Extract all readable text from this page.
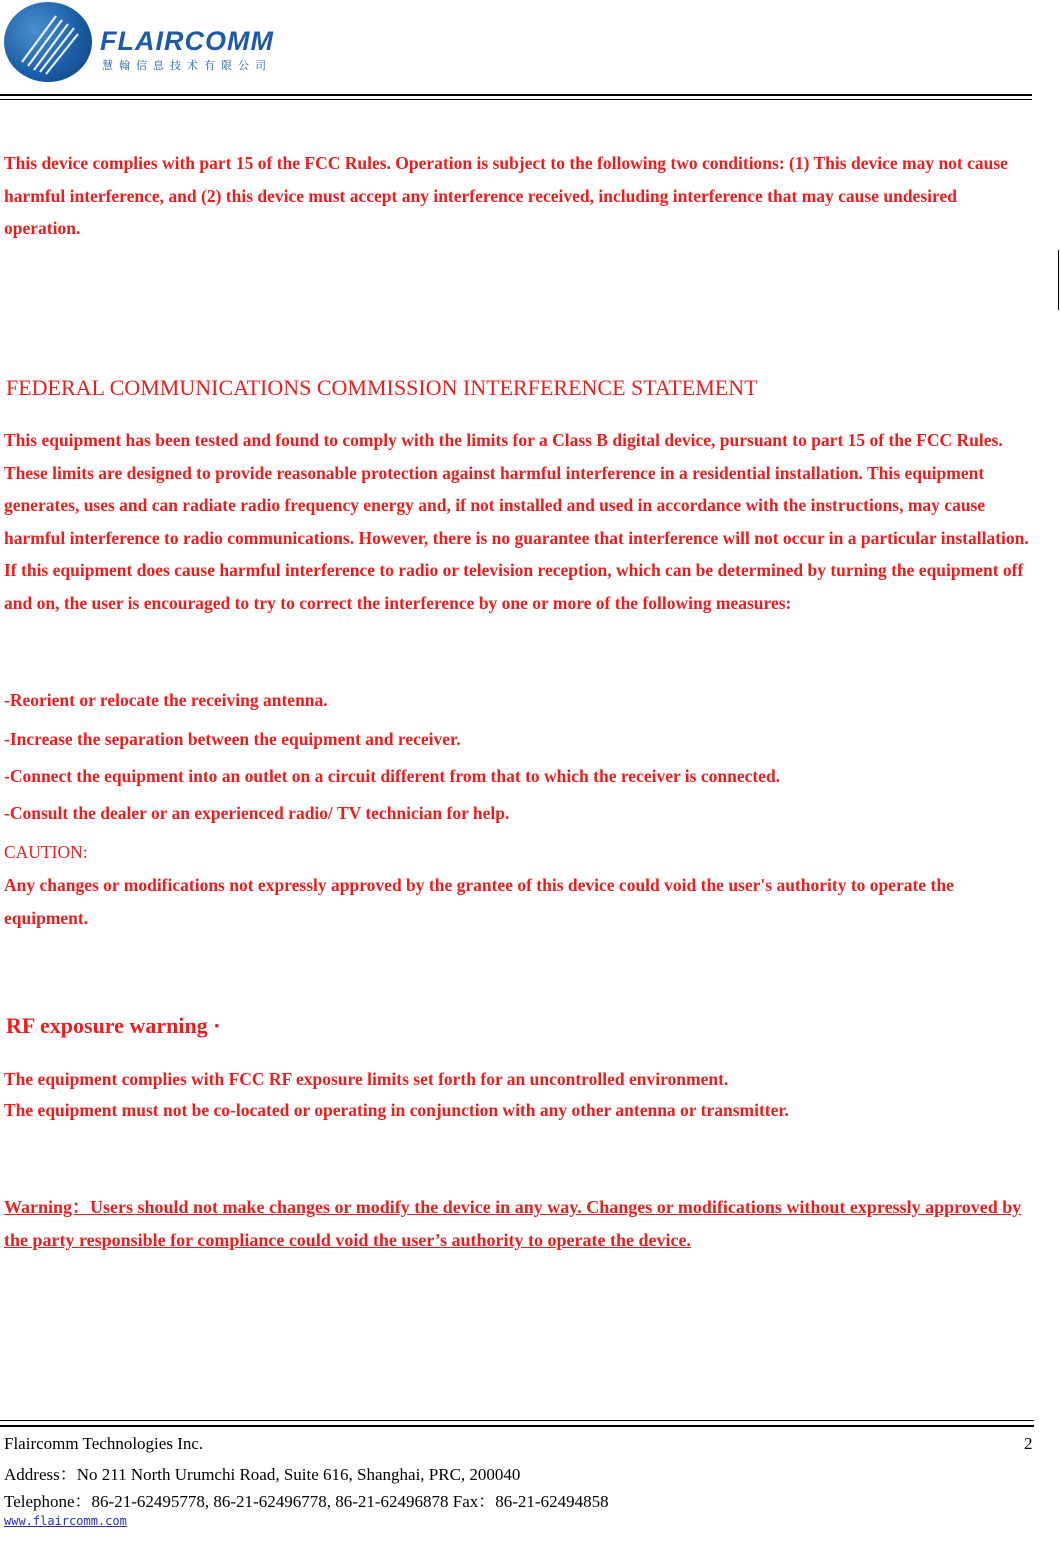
FLAIRCOMM
慧翰信息技术有限公司
This device complies with part 15 of the FCC Rules. Operation is subject to the following two conditions: (1) This device may not cause harmful interference, and (2) this device must accept any interference received, including interference that may cause undesired operation.
FEDERAL COMMUNICATIONS COMMISSION INTERFERENCE STATEMENT
This equipment has been tested and found to comply with the limits for a Class B digital device, pursuant to part 15 of the FCC Rules. These limits are designed to provide reasonable protection against harmful interference in a residential installation. This equipment generates, uses and can radiate radio frequency energy and, if not installed and used in accordance with the instructions, may cause harmful interference to radio communications. However, there is no guarantee that interference will not occur in a particular installation. If this equipment does cause harmful interference to radio or television reception, which can be determined by turning the equipment off and on, the user is encouraged to try to correct the interference by one or more of the following measures:
-Reorient or relocate the receiving antenna.
-Increase the separation between the equipment and receiver.
-Connect the equipment into an outlet on a circuit different from that to which the receiver is connected.
-Consult the dealer or an experienced radio/ TV technician for help.
CAUTION:
Any changes or modifications not expressly approved by the grantee of this device could void the user's authority to operate the equipment.
RF exposure warning ·
The equipment complies with FCC RF exposure limits set forth for an uncontrolled environment.
The equipment must not be co-located or operating in conjunction with any other antenna or transmitter.
Warning：Users should not make changes or modify the device in any way. Changes or modifications without expressly approved by the party responsible for compliance could void the user’s authority to operate the device.
Flaircomm Technologies Inc.	2
Address：No 211 North Urumchi Road, Suite 616, Shanghai, PRC, 200040
Telephone：86-21-62495778, 86-21-62496778, 86-21-62496878 Fax：86-21-62494858
www.flaircomm.com
